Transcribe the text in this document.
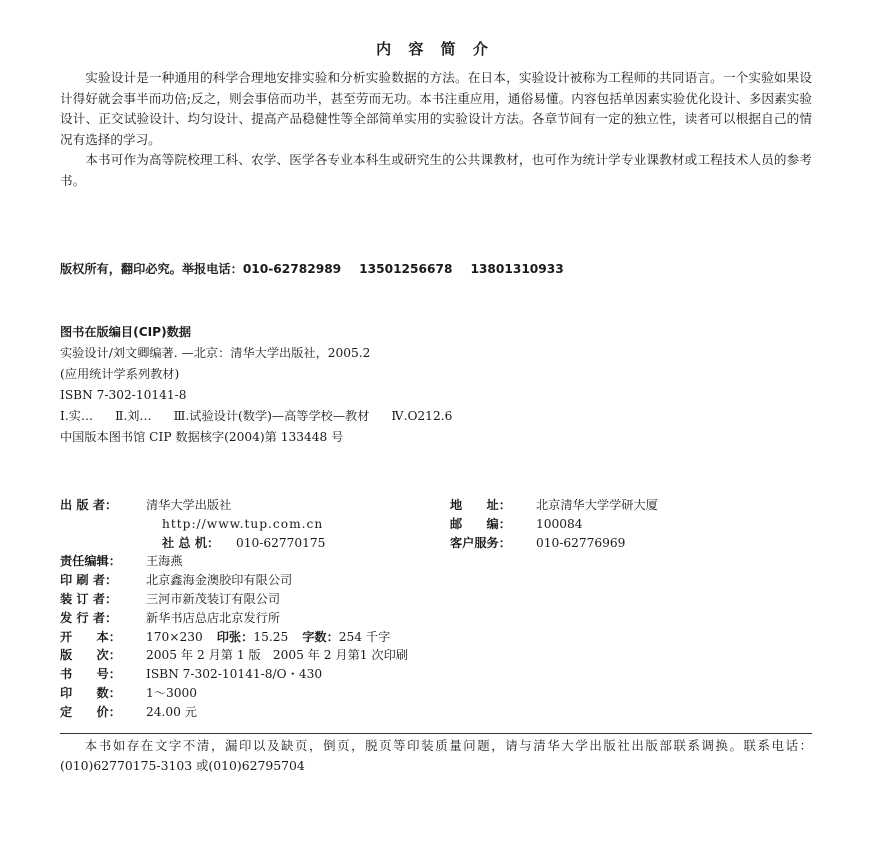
内 容 简 介

实验设计是一种通用的科学合理地安排实验和分析实验数据的方法。在日本，实验设计被称为工程师的共同语言。一个实验如果设计得好就会事半而功倍;反之，则会事倍而功半，甚至劳而无功。本书注重应用，通俗易懂。内容包括单因素实验优化设计、多因素实验设计、正交试验设计、均匀设计、提高产品稳健性等全部简单实用的实验设计方法。各章节间有一定的独立性，读者可以根据自己的情况有选择的学习。

本书可作为高等院校理工科、农学、医学各专业本科生或研究生的公共课教材，也可作为统计学专业课教材或工程技术人员的参考书。

版权所有，翻印必究。举报电话：010-62782989 13501256678 13801310933
图书在版编目(CIP)数据
实验设计/刘文卿编著. —北京：清华大学出版社，2005.2
(应用统计学系列教材)
ISBN 7-302-10141-8
Ⅰ.实… Ⅱ.刘… Ⅲ.试验设计(数学)—高等学校—教材 Ⅳ.O212.6
中国版本图书馆 CIP 数据核字(2004)第 133448 号
出 版 者： 清华大学出版社	地　　址： 北京清华大学学研大厦
http://www.tup.com.cn	邮　　编： 100084
社 总 机： 010-62770175	客户服务： 010-62776969
责任编辑： 王海燕
印 刷 者： 北京鑫海金澳胶印有限公司
装 订 者： 三河市新茂装订有限公司
发 行 者： 新华书店总店北京发行所
开　　本： 170×230 印张：15.25 字数：254 千字
版　　次： 2005 年 2 月第 1 版　2005 年 2 月第1 次印刷
书　　号： ISBN 7-302-10141-8/O・430
印　　数： 1～3000
定　　价： 24.00 元

本书如存在文字不清，漏印以及缺页，倒页，脱页等印装质量问题，请与清华大学出版社出版部联系调换。联系电话：(010)62770175-3103 或(010)62795704
